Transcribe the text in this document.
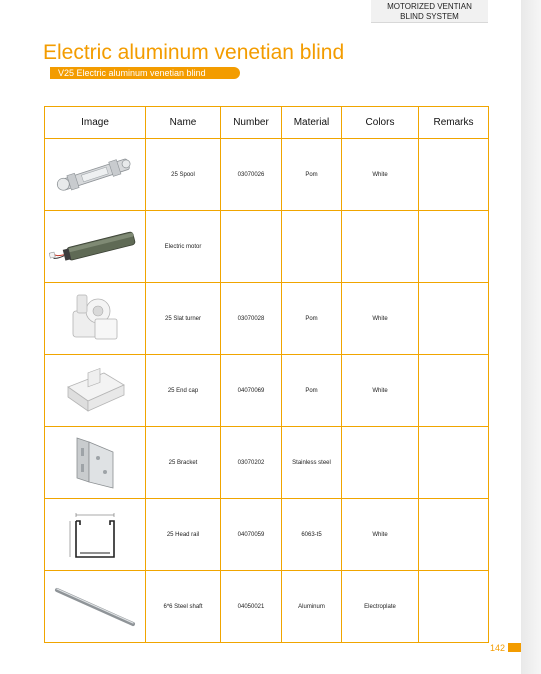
MOTORIZED VENTIAN
BLIND SYSTEM
Electric aluminum venetian blind
V25 Electric aluminum venetian blind
Image	Name	Number	Material	Colors	Remarks

	25 Spool	03070026	Pom	White	

	Electric motor				

	25 Slat turner	03070028	Pom	White	

	25 End cap	04070069	Pom	White	

	25 Bracket	03070202	Stainless steel		

	25 Head rail	04070059	6063-t5	White	

	6*6 Steel shaft	04050021	Aluminum	Electroplate	
142
